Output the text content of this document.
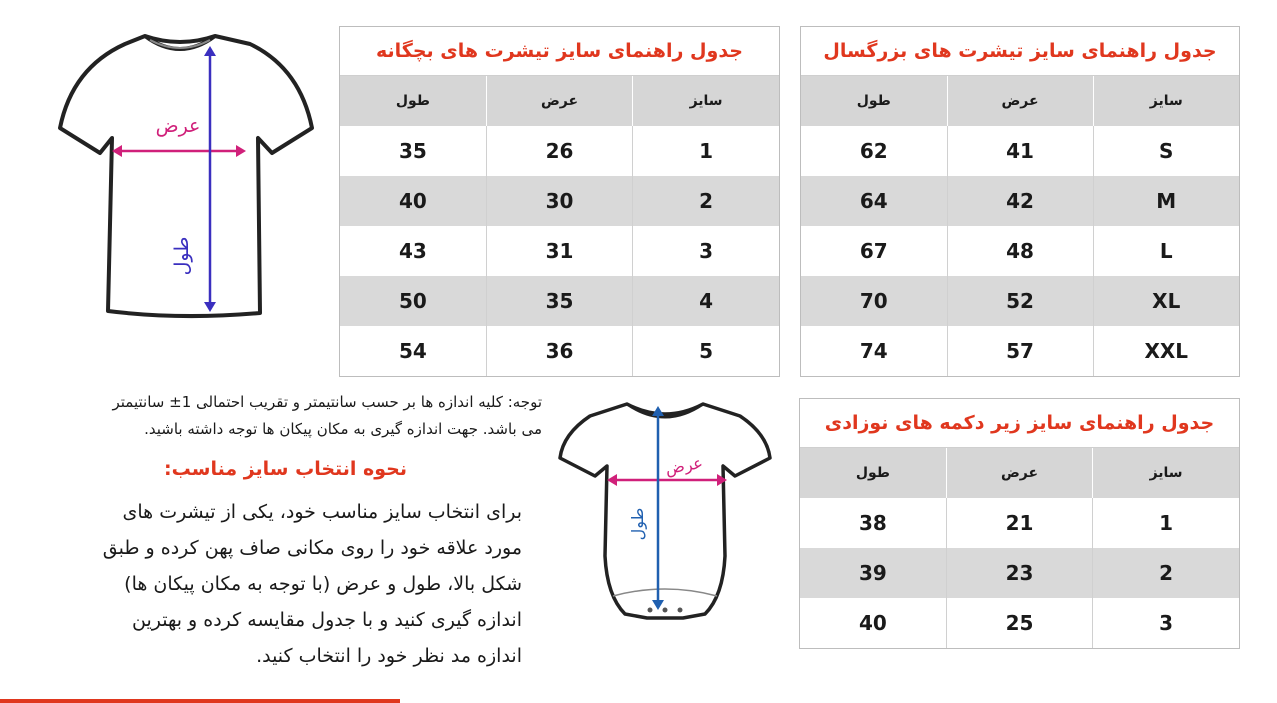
عرض
طول
عرض
طول
جدول راهنمای سایز تیشرت های بچگانه
طول	عرض	سایز
35	26	1
40	30	2
43	31	3
50	35	4
54	36	5
جدول راهنمای سایز تیشرت های بزرگسال
طول	عرض	سایز
62	41	S
64	42	M
67	48	L
70	52	XL
74	57	XXL
جدول راهنمای سایز زیر دکمه های نوزادی
طول	عرض	سایز
38	21	1
39	23	2
40	25	3
توجه: کلیه اندازه ها بر حسب سانتیمتر و تقریب احتمالی 1± سانتیمتر
می باشد. جهت اندازه گیری به مکان پیکان ها توجه داشته باشید.
نحوه انتخاب سایز مناسب:
برای انتخاب سایز مناسب خود، یکی از تیشرت های
مورد علاقه خود را روی مکانی صاف پهن کرده و طبق
شکل بالا، طول و عرض (با توجه به مکان پیکان ها)
اندازه گیری کنید و با جدول مقایسه کرده و بهترین
اندازه مد نظر خود را انتخاب کنید.
